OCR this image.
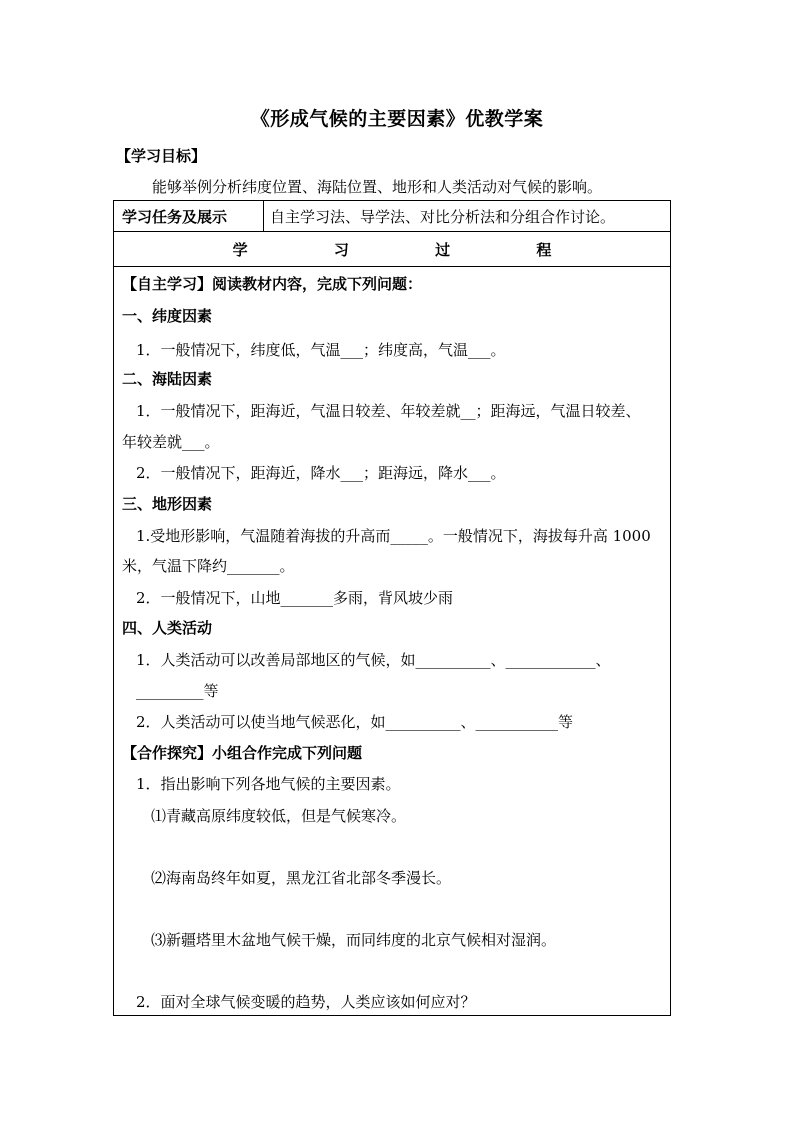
《形成气候的主要因素》优教学案
【学习目标】
能够举例分析纬度位置、海陆位置、地形和人类活动对气候的影响。
学习任务及展示	自主学习法、导学法、对比分析法和分组合作讨论。
学	习	过	程

【自主学习】阅读教材内容，完成下列问题：
一、纬度因素
1．一般情况下，纬度低，气温___；纬度高，气温___。
二、海陆因素
1．一般情况下，距海近，气温日较差、年较差就__；距海远，气温日较差、
年较差就___。
2．一般情况下，距海近，降水___；距海远，降水___。
三、地形因素
1.受地形影响，气温随着海拔的升高而_____。一般情况下，海拔每升高 1000
米，气温下降约_______。
2．一般情况下，山地_______多雨，背风坡少雨
四、人类活动
1．人类活动可以改善局部地区的气候，如__________、____________、
_________等
2．人类活动可以使当地气候恶化，如__________、___________等
【合作探究】小组合作完成下列问题
1．指出影响下列各地气候的主要因素。
⑴青藏高原纬度较低，但是气候寒冷。
⑵海南岛终年如夏，黑龙江省北部冬季漫长。
⑶新疆塔里木盆地气候干燥，而同纬度的北京气候相对湿润。
2．面对全球气候变暖的趋势，人类应该如何应对？
